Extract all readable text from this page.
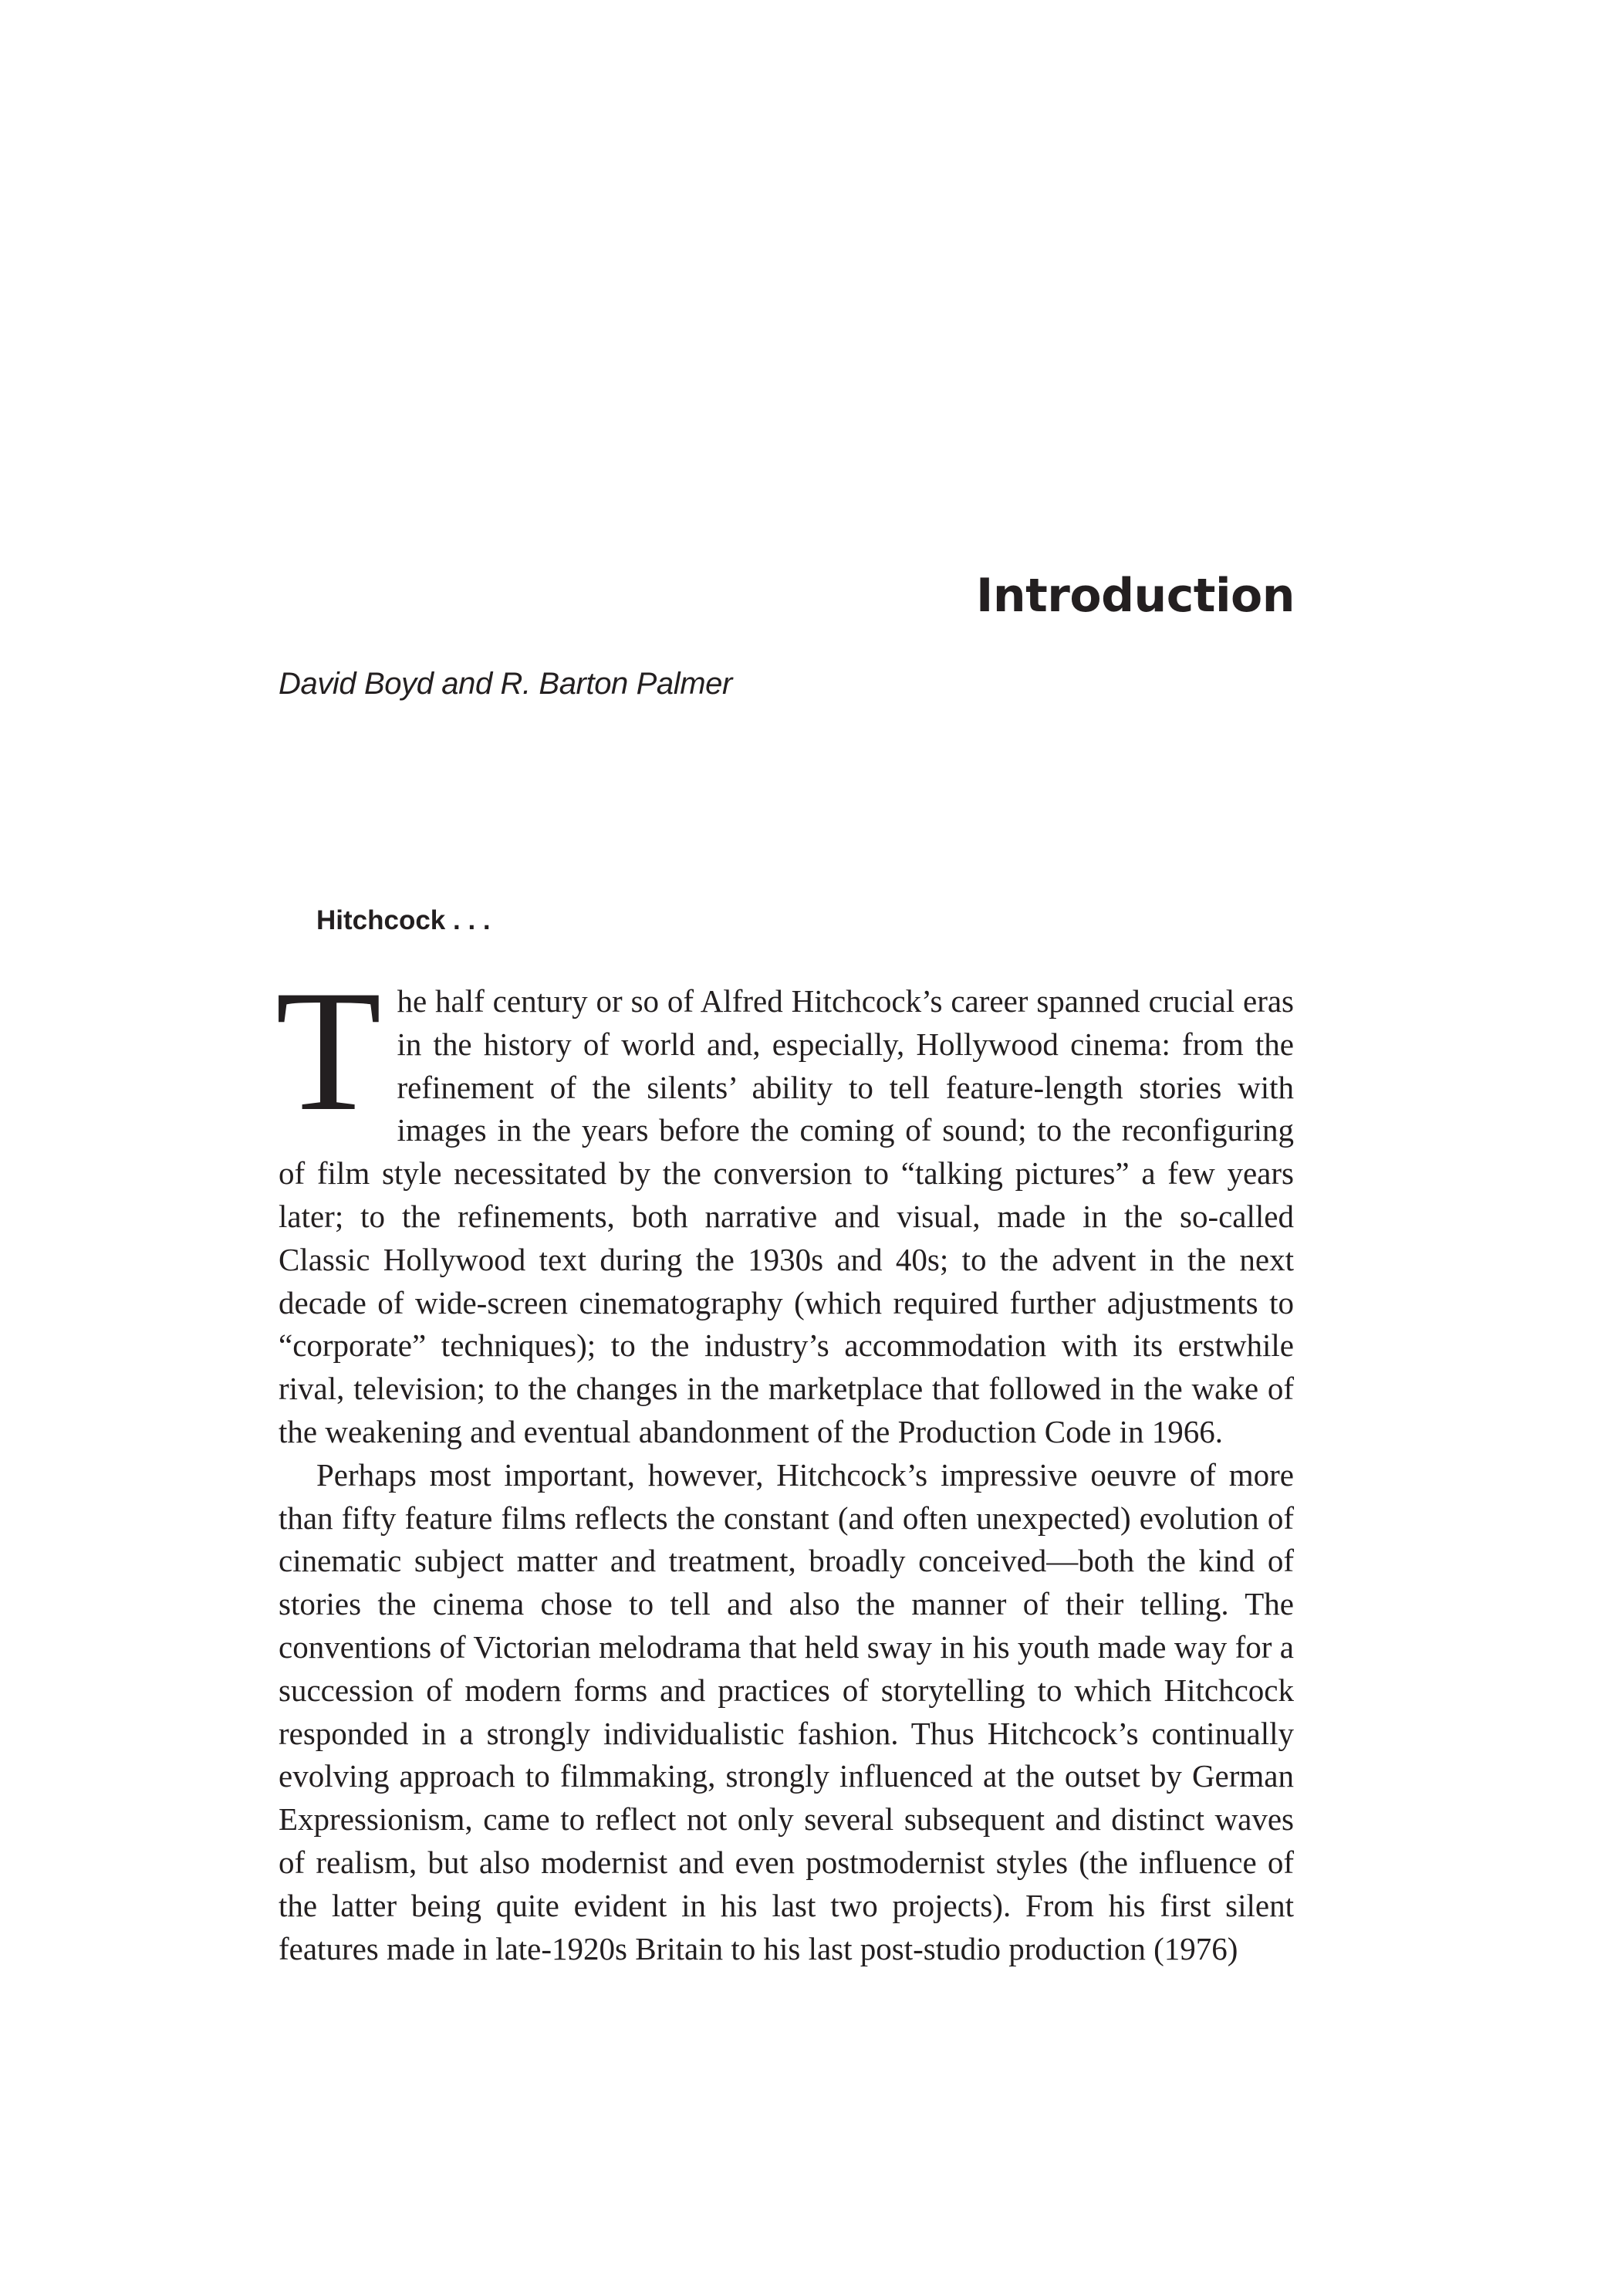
Introduction

David Boyd and R. Barton Palmer

Hitchcock . . .

The half century or so of Alfred Hitchcock’s career spanned crucial eras in the history of world and, especially, Hollywood cinema: from the refinement of the silents’ ability to tell feature-length stories with images in the years before the coming of sound; to the reconfiguring of film style necessitated by the conversion to “talking pictures” a few years later; to the refinements, both narrative and visual, made in the so-called Classic Hollywood text during the 1930s and 40s; to the advent in the next decade of wide-screen cinematography (which required further adjustments to “corporate” techniques); to the industry’s accommodation with its erstwhile rival, television; to the changes in the marketplace that followed in the wake of the weakening and eventual abandonment of the Production Code in 1966.

Perhaps most important, however, Hitchcock’s impressive oeuvre of more than fifty feature films reflects the constant (and often unexpected) evolution of cinematic subject matter and treatment, broadly conceived—both the kind of stories the cinema chose to tell and also the manner of their telling. The conventions of Victorian melodrama that held sway in his youth made way for a succession of modern forms and practices of storytelling to which Hitchcock responded in a strongly individualistic fashion. Thus Hitchcock’s continually evolving approach to filmmaking, strongly influenced at the outset by German Expressionism, came to reflect not only several subsequent and distinct waves of realism, but also modernist and even postmodernist styles (the influence of the latter being quite evident in his last two projects). From his first silent features made in late-1920s Britain to his last post-studio production (1976)
